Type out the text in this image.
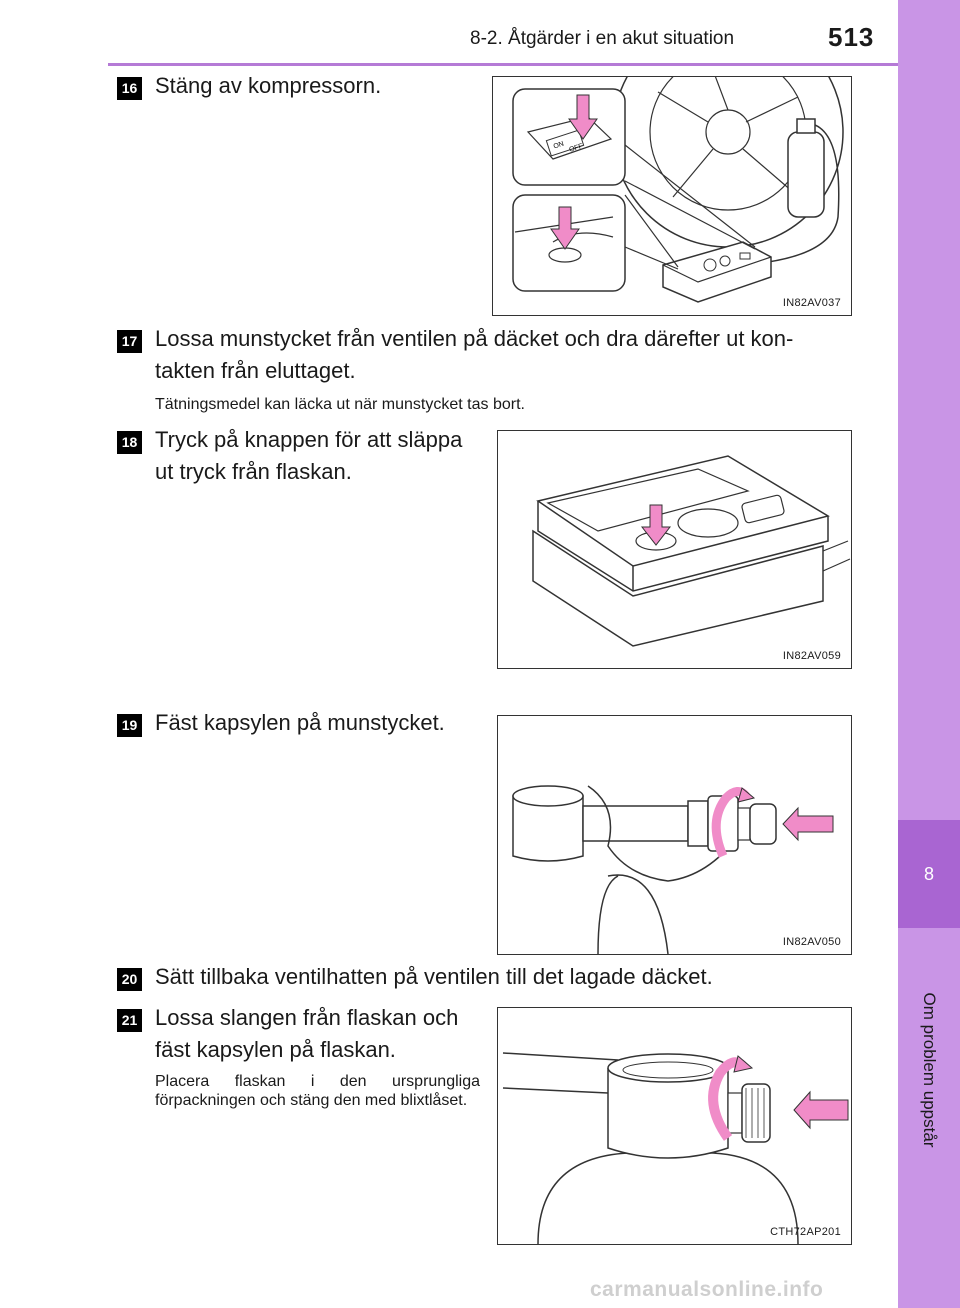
8-2. Åtgärder i en akut situation	513
8
Om problem uppstår
16 Stäng av kompressorn.
ON OFF
IN82AV037
17 Lossa munstycket från ventilen på däcket och dra därefter ut kon-
takten från eluttaget.
Tätningsmedel kan läcka ut när munstycket tas bort.
18 Tryck på knappen för att släppa
ut tryck från flaskan.
IN82AV059
19 Fäst kapsylen på munstycket.
IN82AV050
20 Sätt tillbaka ventilhatten på ventilen till det lagade däcket.
21 Lossa slangen från flaskan och
fäst kapsylen på flaskan.
Placera flaskan i den ursprungliga förpackningen och stäng den med blixtlåset.
CTH72AP201
carmanualsonline.info
